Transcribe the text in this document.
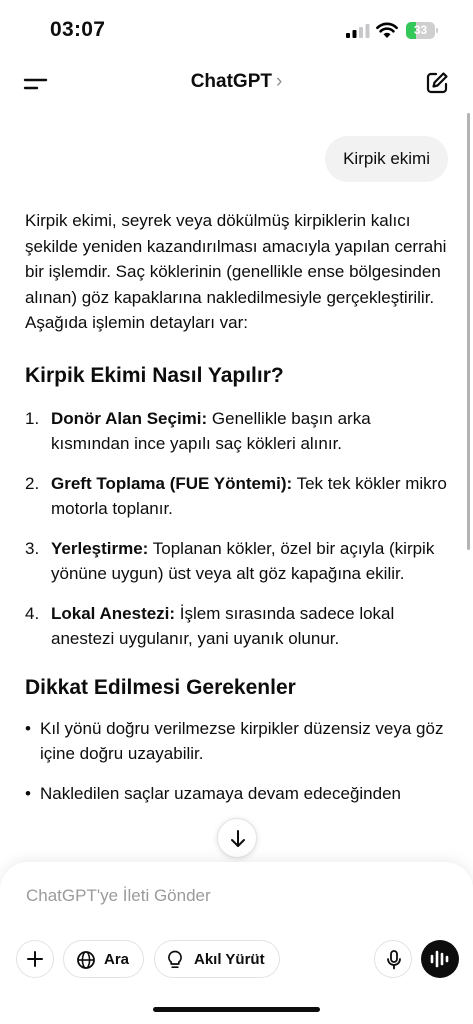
03:07	33
ChatGPT ›
Kirpik ekimi

Kirpik ekimi, seyrek veya dökülmüş kirpiklerin kalıcı şekilde yeniden kazandırılması amacıyla yapılan cerrahi bir işlemdir. Saç köklerinin (genellikle ense bölgesinden alınan) göz kapaklarına nakledilmesiyle gerçekleştirilir. Aşağıda işlemin detayları var:

Kirpik Ekimi Nasıl Yapılır?
1. Donör Alan Seçimi: Genellikle başın arka kısmından ince yapılı saç kökleri alınır.
2. Greft Toplama (FUE Yöntemi): Tek tek kökler mikro motorla toplanır.
3. Yerleştirme: Toplanan kökler, özel bir açıyla (kirpik yönüne uygun) üst veya alt göz kapağına ekilir.
4. Lokal Anestezi: İşlem sırasında sadece lokal anestezi uygulanır, yani uyanık olunur.
Dikkat Edilmesi Gerekenler
• Kıl yönü doğru verilmezse kirpikler düzensiz veya göz içine doğru uzayabilir.
• Nakledilen saçlar uzamaya devam edeceğinden
ChatGPT'ye İleti Gönder
Ara	Akıl Yürüt
